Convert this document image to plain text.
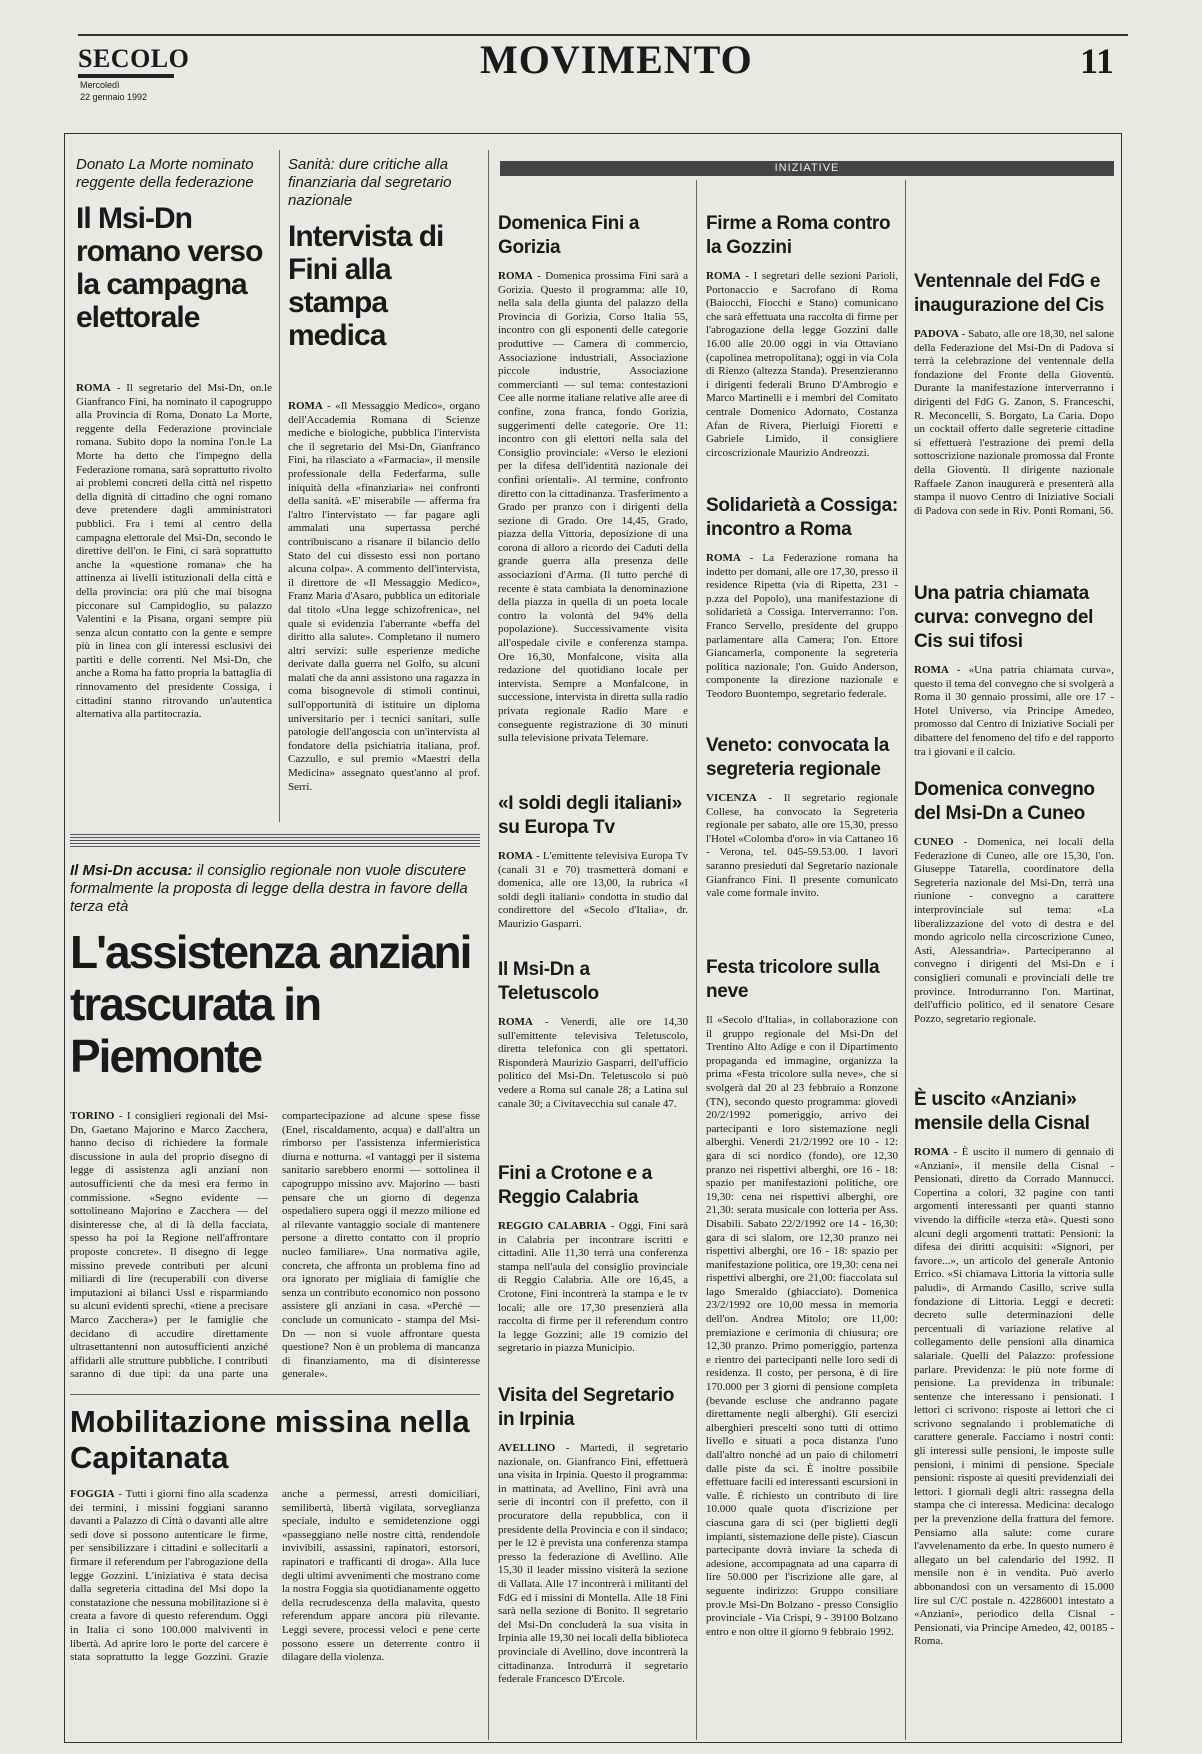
SECOLO
Mercoledì
22 gennaio 1992
MOVIMENTO	11
INIZIATIVE
Donato La Morte nominato reggente della federazione
Il Msi-Dn romano verso la campagna elettorale

ROMA - Il segretario del Msi-Dn, on.le Gianfranco Fini, ha nominato il capogruppo alla Provincia di Roma, Donato La Morte, reggente della Federazione provinciale romana. Subito dopo la nomina l'on.le La Morte ha detto che l'impegno della Federazione romana, sarà soprattutto rivolto ai problemi concreti della città nel rispetto della dignità di cittadino che ogni romano deve pretendere dagli amministratori pubblici. Fra i temi al centro della campagna elettorale del Msi-Dn, secondo le direttive dell'on. le Fini, ci sarà soprattutto anche la «questione romana» che ha attinenza ai livelli istituzionali della città e della provincia: ora più che mai bisogna picconare sul Campidoglio, su palazzo Valentini e la Pisana, organi sempre più senza alcun contatto con la gente e sempre più in linea con gli interessi esclusivi dei partiti e delle correnti. Nel Msi-Dn, che anche a Roma ha fatto propria la battaglia di rinnovamento del presidente Cossiga, i cittadini stanno ritrovando un'autentica alternativa alla partitocrazia.

Sanità: dure critiche alla finanziaria dal segretario nazionale
Intervista di Fini alla stampa medica

ROMA - «Il Messaggio Medico», organo dell'Accademia Romana di Scienze mediche e biologiche, pubblica l'intervista che il segretario del Msi-Dn, Gianfranco Fini, ha rilasciato a «Farmacia», il mensile professionale della Federfarma, sulle iniquità della «finanziaria» nei confronti della sanità. «E' miserabile — afferma fra l'altro l'intervistato — far pagare agli ammalati una supertassa perché contribuiscano a risanare il bilancio dello Stato del cui dissesto essi non portano alcuna colpa». A commento dell'intervista, il direttore de «Il Messaggio Medico», Franz Maria d'Asaro, pubblica un editoriale dal titolo «Una legge schizofrenica», nel quale si evidenzia l'aberrante «beffa del diritto alla salute». Completano il numero altri servizi: sulle esperienze mediche derivate dalla guerra nel Golfo, su alcuni malati che da anni assistono una ragazza in coma bisognevole di stimoli continui, sull'opportunità di istituire un diploma universitario per i tecnici sanitari, sulle patologie dell'angoscia con un'intervista al fondatore della psichiatria italiana, prof. Cazzullo, e sul premio «Maestri della Medicina» assegnato quest'anno al prof. Serri.

Il Msi-Dn accusa: il consiglio regionale non vuole discutere formalmente la proposta di legge della destra in favore della terza età
L'assistenza anziani trascurata in Piemonte

TORINO - I consiglieri regionali del Msi-Dn, Gaetano Majorino e Marco Zacchera, hanno deciso di richiedere la formale discussione in aula del proprio disegno di legge di assistenza agli anziani non autosufficienti che da mesi era fermo in commissione. «Segno evidente — sottolineano Majorino e Zacchera — del disinteresse che, al di là della facciata, spesso ha poi la Regione nell'affrontare proposte concrete». Il disegno di legge missino prevede contributi per alcuni miliardi di lire (recuperabili con diverse imputazioni ai bilanci Ussl e risparmiando su alcuni evidenti sprechi, «tiene a precisare Marco Zacchera») per le famiglie che decidano di accudire direttamente ultrasettantenni non autosufficienti anziché affidarli alle strutture pubbliche. I contributi saranno di due tipi: da una parte una compartecipazione ad alcune spese fisse (Enel, riscaldamento, acqua) e dall'altra un rimborso per l'assistenza infermieristica diurna e notturna. «I vantaggi per il sistema sanitario sarebbero enormi — sottolinea il capogruppo missino avv. Majorino — basti pensare che un giorno di degenza ospedaliero supera oggi il mezzo milione ed al rilevante vantaggio sociale di mantenere persone a diretto contatto con il proprio nucleo familiare». Una normativa agile, concreta, che affronta un problema fino ad ora ignorato per migliaia di famiglie che senza un contributo economico non possono assistere gli anziani in casa. «Perché — conclude un comunicato - stampa del Msi-Dn — non si vuole affrontare questa questione? Non è un problema di mancanza di finanziamento, ma di disinteresse generale».

Mobilitazione missina nella Capitanata

FOGGIA - Tutti i giorni fino alla scadenza dei termini, i missini foggiani saranno davanti a Palazzo di Città o davanti alle altre sedi dove si possono autenticare le firme, per sensibilizzare i cittadini e sollecitarli a firmare il referendum per l'abrogazione della legge Gozzini. L'iniziativa è stata decisa dalla segreteria cittadina del Msi dopo la constatazione che nessuna mobilitazione si è creata a favore di questo referendum. Oggi in Italia ci sono 100.000 malviventi in libertà. Ad aprire loro le porte del carcere è stata soprattutto la legge Gozzini. Grazie anche a permessi, arresti domiciliari, semilibertà, libertà vigilata, sorveglianza speciale, indulto e semidetenzione oggi «passeggiano nelle nostre città, rendendole invivibili, assassini, rapinatori, estorsori, rapinatori e trafficanti di droga». Alla luce degli ultimi avvenimenti che mostrano come la nostra Foggia sia quotidianamente oggetto della recrudescenza della malavita, questo referendum appare ancora più rilevante. Leggi severe, processi veloci e pene certe possono essere un deterrente contro il dilagare della violenza.

Domenica Fini a Gorizia

ROMA - Domenica prossima Fini sarà a Gorizia. Questo il programma: alle 10, nella sala della giunta del palazzo della Provincia di Gorizia, Corso Italia 55, incontro con gli esponenti delle categorie produttive — Camera di commercio, Associazione industriali, Associazione piccole industrie, Associazione commercianti — sul tema: contestazioni Cee alle norme italiane relative alle aree di confine, zona franca, fondo Gorizia, suggerimenti delle categorie. Ore 11: incontro con gli elettori nella sala del Consiglio provinciale: «Verso le elezioni per la difesa dell'identità nazionale dei confini orientali». Al termine, confronto diretto con la cittadinanza. Trasferimento a Grado per pranzo con i dirigenti della sezione di Grado. Ore 14,45, Grado, piazza della Vittoria, deposizione di una corona di alloro a ricordo dei Caduti della grande guerra alla presenza delle associazioni d'Arma. (Il tutto perché di recente è stata cambiata la denominazione della piazza in quella di un poeta locale contro la volontà del 94% della popolazione). Successivamente visita all'ospedale civile e conferenza stampa. Ore 16,30, Monfalcone, visita alla redazione del quotidiano locale per intervista. Sempre a Monfalcone, in successione, intervista in diretta sulla radio privata regionale Radio Mare e conseguente registrazione di 30 minuti sulla televisione privata Telemare.

«I soldi degli italiani» su Europa Tv

ROMA - L'emittente televisiva Europa Tv (canali 31 e 70) trasmetterà domani e domenica, alle ore 13,00, la rubrica «I soldi degli italiani» condotta in studio dal condirettore del «Secolo d'Italia», dr. Maurizio Gasparri.

Il Msi-Dn a Teletuscolo

ROMA - Venerdì, alle ore 14,30 sull'emittente televisiva Teletuscolo, diretta telefonica con gli spettatori. Risponderà Maurizio Gasparri, dell'ufficio politico del Msi-Dn. Teletuscolo si può vedere a Roma sul canale 28; a Latina sul canale 30; a Civitavecchia sul canale 47.

Fini a Crotone e a Reggio Calabria

REGGIO CALABRIA - Oggi, Fini sarà in Calabria per incontrare iscritti e cittadini. Alle 11,30 terrà una conferenza stampa nell'aula del consiglio provinciale di Reggio Calabria. Alle ore 16,45, a Crotone, Fini incontrerà la stampa e le tv locali; alle ore 17,30 presenzierà alla raccolta di firme per il referendum contro la legge Gozzini; alle 19 comizio del segretario in piazza Municipio.

Visita del Segretario in Irpinia

AVELLINO - Martedì, il segretario nazionale, on. Gianfranco Fini, effettuerà una visita in Irpinia. Questo il programma: in mattinata, ad Avellino, Fini avrà una serie di incontri con il prefetto, con il procuratore della repubblica, con il presidente della Provincia e con il sindaco; per le 12 è prevista una conferenza stampa presso la federazione di Avellino. Alle 15,30 il leader missino visiterà la sezione di Vallata. Alle 17 incontrerà i militanti del FdG ed i missini di Montella. Alle 18 Fini sarà nella sezione di Bonito. Il segretario del Msi-Dn concluderà la sua visita in Irpinia alle 19,30 nei locali della biblioteca provinciale di Avellino, dove incontrerà la cittadinanza. Introdurrà il segretario federale Francesco D'Ercole.

Firme a Roma contro la Gozzini

ROMA - I segretari delle sezioni Parioli, Portonaccio e Sacrofano di Roma (Baiocchi, Fiocchi e Stano) comunicano che sarà effettuata una raccolta di firme per l'abrogazione della legge Gozzini dalle 16.00 alle 20.00 oggi in via Ottaviano (capolinea metropolitana); oggi in via Cola di Rienzo (altezza Standa). Presenzieranno i dirigenti federali Bruno D'Ambrogio e Marco Martinelli e i membri del Comitato centrale Domenico Adornato, Costanza Afan de Rivera, Pierluigi Fioretti e Gabriele Limido, il consigliere circoscrizionale Maurizio Andreozzi.

Solidarietà a Cossiga: incontro a Roma

ROMA - La Federazione romana ha indetto per domani, alle ore 17,30, presso il residence Ripetta (via di Ripetta, 231 - p.zza del Popolo), una manifestazione di solidarietà a Cossiga. Interverranno: l'on. Franco Servello, presidente del gruppo parlamentare alla Camera; l'on. Ettore Giancamerla, componente la segreteria politica nazionale; l'on. Guido Anderson, componente la direzione nazionale e Teodoro Buontempo, segretario federale.

Veneto: convocata la segreteria regionale

VICENZA - Il segretario regionale Collese, ha convocato la Segreteria regionale per sabato, alle ore 15,30, presso l'Hotel «Colomba d'oro» in via Cattaneo 16 - Verona, tel. 045-59.53.00. I lavori saranno presieduti dal Segretario nazionale Gianfranco Fini. Il presente comunicato vale come formale invito.

Festa tricolore sulla neve

Il «Secolo d'Italia», in collaborazione con il gruppo regionale del Msi-Dn del Trentino Alto Adige e con il Dipartimento propaganda ed immagine, organizza la prima «Festa tricolore sulla neve», che si svolgerà dal 20 al 23 febbraio a Ronzone (TN), secondo questo programma: giovedì 20/2/1992 pomeriggio, arrivo dei partecipanti e loro sistemazione negli alberghi. Venerdì 21/2/1992 ore 10 - 12: gara di sci nordico (fondo), ore 12,30 pranzo nei rispettivi alberghi, ore 16 - 18: spazio per manifestazioni politiche, ore 19,30: cena nei rispettivi alberghi, ore 21,30: serata musicale con lotteria per Ass. Disabili. Sabato 22/2/1992 ore 14 - 16,30: gara di sci slalom, ore 12,30 pranzo nei rispettivi alberghi, ore 16 - 18: spazio per manifestazione politica, ore 19,30: cena nei rispettivi alberghi, ore 21,00: fiaccolata sul lago Smeraldo (ghiacciato). Domenica 23/2/1992 ore 10,00 messa in memoria dell'on. Andrea Mitolo; ore 11,00: premiazione e cerimonia di chiusura; ore 12,30 pranzo. Primo pomeriggio, partenza e rientro dei partecipanti nelle loro sedi di residenza. Il costo, per persona, è di lire 170.000 per 3 giorni di pensione completa (bevande escluse che andranno pagate direttamente negli alberghi). Gli esercizi alberghieri prescelti sono tutti di ottimo livello e situati a poca distanza l'uno dall'altro nonché ad un paio di chilometri dalle piste da sci. È inoltre possibile effettuare facili ed interessanti escursioni in valle. È richiesto un contributo di lire 10.000 quale quota d'iscrizione per ciascuna gara di sci (per biglietti degli impianti, sistemazione delle piste). Ciascun partecipante dovrà inviare la scheda di adesione, accompagnata ad una caparra di lire 50.000 per l'iscrizione alle gare, al seguente indirizzo: Gruppo consiliare prov.le Msi-Dn Bolzano - presso Consiglio provinciale - Via Crispi, 9 - 39100 Bolzano entro e non oltre il giorno 9 febbraio 1992.

Ventennale del FdG e inaugurazione del Cis

PADOVA - Sabato, alle ore 18,30, nel salone della Federazione del Msi-Dn di Padova si terrà la celebrazione del ventennale della fondazione del Fronte della Gioventù. Durante la manifestazione interverranno i dirigenti del FdG G. Zanon, S. Franceschi, R. Meconcelli, S. Borgato, La Caria. Dopo un cocktail offerto dalle segreterie cittadine si effettuerà l'estrazione dei premi della sottoscrizione nazionale promossa dal Fronte della Gioventù. Il dirigente nazionale Raffaele Zanon inaugurerà e presenterà alla stampa il nuovo Centro di Iniziative Sociali di Padova con sede in Riv. Ponti Romani, 56.

Una patria chiamata curva: convegno del Cis sui tifosi

ROMA - «Una patria chiamata curva», questo il tema del convegno che si svolgerà a Roma il 30 gennaio prossimi, alle ore 17 - Hotel Universo, via Principe Amedeo, promosso dal Centro di Iniziative Sociali per dibattere del fenomeno del tifo e del rapporto tra i giovani e il calcio.

Domenica convegno del Msi-Dn a Cuneo

CUNEO - Domenica, nei locali della Federazione di Cuneo, alle ore 15,30, l'on. Giuseppe Tatarella, coordinatore della Segreteria nazionale del Msi-Dn, terrà una riunione - convegno a carattere interprovinciale sul tema: «La liberalizzazione del voto di destra e del mondo agricolo nella circoscrizione Cuneo, Asti, Alessandria». Parteciperanno al convegno i dirigenti del Msi-Dn e i consiglieri comunali e provinciali delle tre province. Introdurranno l'on. Martinat, dell'ufficio politico, ed il senatore Cesare Pozzo, segretario regionale.

È uscito «Anziani» mensile della Cisnal

ROMA - È uscito il numero di gennaio di «Anziani», il mensile della Cisnal - Pensionati, diretto da Corrado Mannucci. Copertina a colori, 32 pagine con tanti argomenti interessanti per quanti stanno vivendo la difficile «terza età». Questi sono alcuni degli argomenti trattati: Pensioni: la difesa dei diritti acquisiti: «Signori, per favore...», un articolo del generale Antonio Errico. «Si chiamava Littoria la vittoria sulle paludi», di Armando Casillo, scrive sulla fondazione di Littoria. Leggi e decreti: decreto sulle determinazioni delle percentuali di variazione relative al collegamento delle pensioni alla dinamica salariale. Quelli del Palazzo: professione parlare. Previdenza: le più note forme di pensione. La previdenza in tribunale: sentenze che interessano i pensionati. I lettori ci scrivono: risposte ai lettori che ci scrivono segnalando i problematiche di carattere generale. Facciamo i nostri conti: gli interessi sulle pensioni, le imposte sulle pensioni, i minimi di pensione. Speciale pensioni: risposte ai quesiti previdenziali dei lettori. I giornali degli altri: rassegna della stampa che ci interessa. Medicina: decalogo per la prevenzione della frattura del femore. Pensiamo alla salute: come curare l'avvelenamento da erbe. In questo numero è allegato un bel calendario del 1992. Il mensile non è in vendita. Può averlo abbonandosi con un versamento di 15.000 lire sul C/C postale n. 42286001 intestato a «Anziani», periodico della Cisnal - Pensionati, via Principe Amedeo, 42, 00185 - Roma.
